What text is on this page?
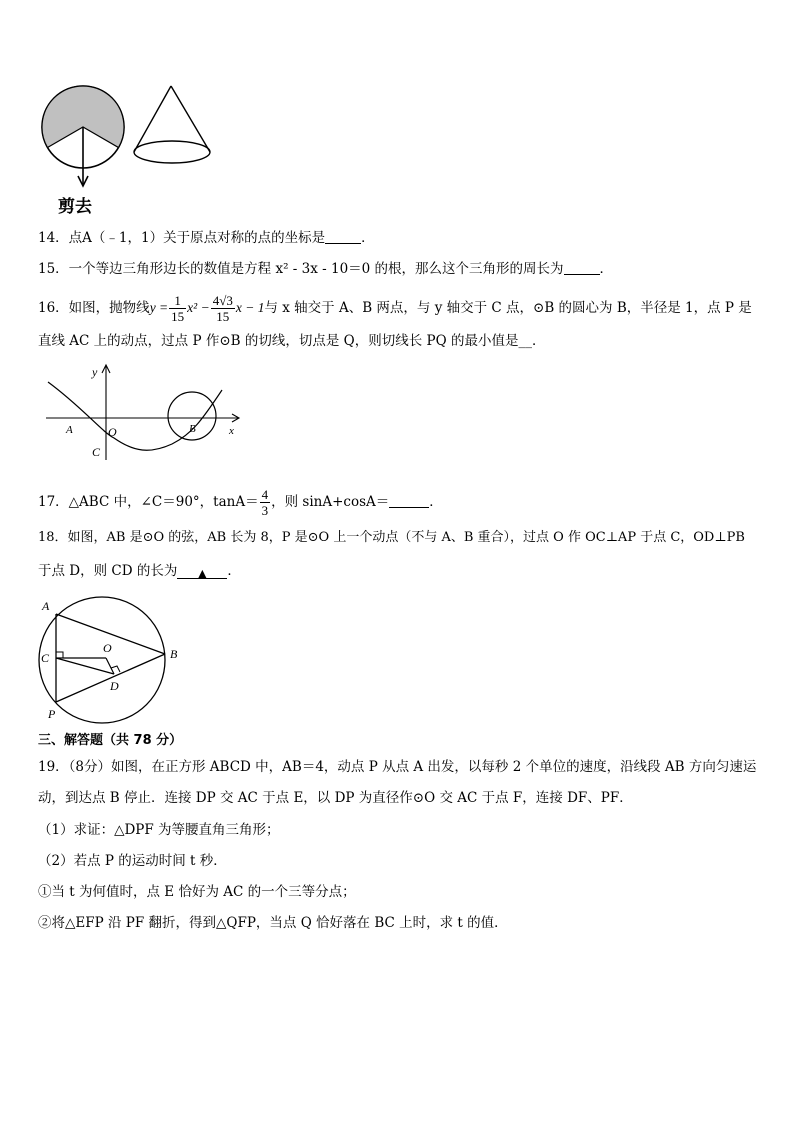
剪去
14．点A（﹣1，1）关于原点对称的点的坐标是	．
15．一个等边三角形边长的数值是方程 x² - 3x - 10＝0 的根，那么这个三角形的周长为	．
16．如图，抛物线$y = \frac{1}{15} x^2 - \frac{4√3}{15}$ x − 1与 x 轴交于 A、B 两点，与 y 轴交于 C 点，⊙B 的圆心为 B，半径是 1，点 P 是
直线 AC 上的动点，过点 P 作⊙B 的切线，切点是 Q，则切线长 PQ 的最小值是__．
y
x
A	O	B
C
17．△ABC 中，∠C＝90°，$\tan A= \frac{4}{3}$ ，则 sinA+cosA＝	．
18．如图，AB 是⊙O 的弦，AB 长为 8，P 是⊙O 上一个动点（不与 A、B 重合），过点 O 作 OC⊥AP 于点 C，OD⊥PB
于点 D，则 CD 的长为 ▲ ．
A
B
C
O
D
P
三、解答题（共 78 分）
19．（8分）如图，在正方形 ABCD 中，AB＝4，动点 P 从点 A 出发，以每秒 2 个单位的速度，沿线段 AB 方向匀速运
动，到达点 B 停止．连接 DP 交 AC 于点 E，以 DP 为直径作⊙O 交 AC 于点 F，连接 DF、PF．
（1）求证：△DPF 为等腰直角三角形；
（2）若点 P 的运动时间 t 秒．
①当 t 为何值时，点 E 恰好为 AC 的一个三等分点；
②将△EFP 沿 PF 翻折，得到△QFP，当点 Q 恰好落在 BC 上时，求 t 的值．
